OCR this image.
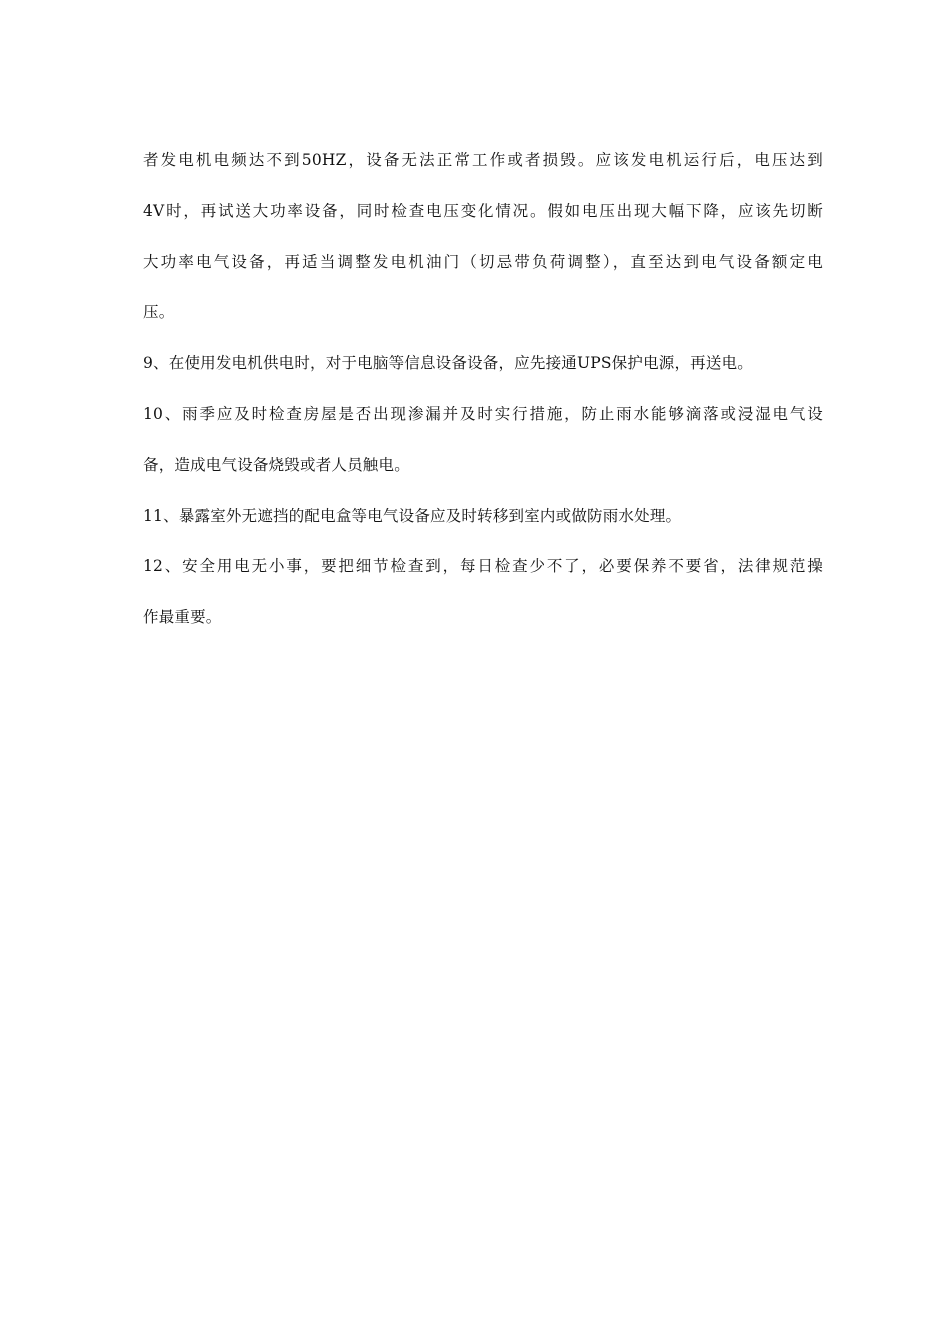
者发电机电频达不到50HZ，设备无法正常工作或者损毁。应该发电机运行后，电压达到
4V时，再试送大功率设备，同时检查电压变化情况。假如电压出现大幅下降，应该先切断
大功率电气设备，再适当调整发电机油门（切忌带负荷调整），直至达到电气设备额定电
压。
9、在使用发电机供电时，对于电脑等信息设备设备，应先接通UPS保护电源，再送电。
10、雨季应及时检查房屋是否出现渗漏并及时实行措施，防止雨水能够滴落或浸湿电气设
备，造成电气设备烧毁或者人员触电。
11、暴露室外无遮挡的配电盒等电气设备应及时转移到室内或做防雨水处理。
12、安全用电无小事，要把细节检查到，每日检查少不了，必要保养不要省，法律规范操
作最重要。
